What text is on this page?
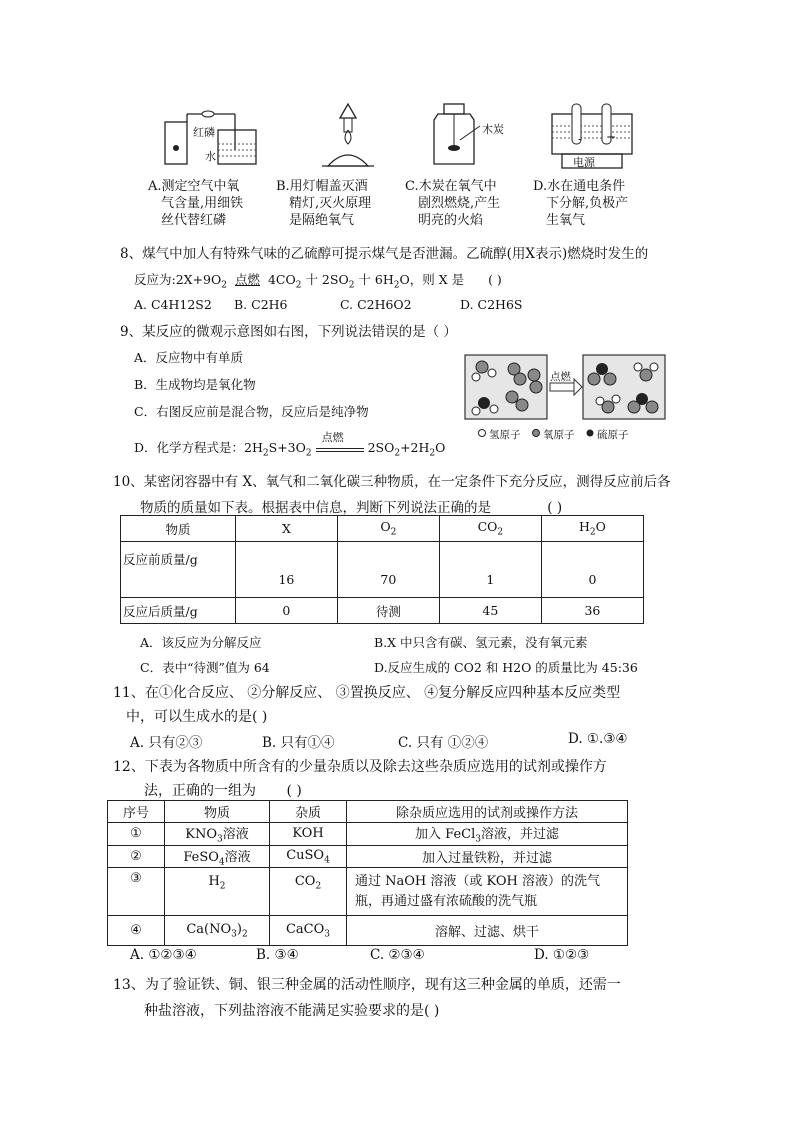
红磷
水
木炭
电源
- +
A.测定空气中氧
气含量,用细铁
丝代替红磷
B.用灯帽盖灭酒
精灯,灭火原理
是隔绝氧气
C.木炭在氧气中
剧烈燃烧,产生
明亮的火焰
D.水在通电条件
下分解,负极产
生氧气
8、煤气中加人有特殊气味的乙硫醇可提示煤气是否泄漏。乙硫醇(用X表示)燃烧时发生的
反应为$:2X+9O_2$ 点燃 $4CO_2$ 十 $2SO_2$ 十 $6H_2O$，则 X 是 ( )
A. C4H12S2 B. C2H6	C. C2H6O2	D. C2H6S
9、某反应的微观示意图如右图，下列说法错误的是（ ）
A．反应物中有单质
B．生成物均是氧化物
C．右图反应前是混合物，反应后是纯净物
D．化学方程式是：$2H_2S+3O_2$
点燃
$2SO_2+2H_2O$
点燃
氢原子 氧原子 硫原子
10、某密闭容器中有 X、氧气和二氧化碳三种物质，在一定条件下充分反应，测得反应前后各
物质的质量如下表。根据表中信息，判断下列说法正确的是	( )
物质	X	$O_2$	$CO_2$	$H_2O$
反应前质量/g	16	70	1	0
反应后质量/g	0	待测	45	36
A．该反应为分解反应	B.X 中只含有碳、氢元素，没有氧元素
C．表中“待测”值为 64	D.反应生成的 CO2 和 H2O 的质量比为 45:36
11、在①化合反应、 ②分解反应、 ③置换反应、 ④复分解反应四种基本反应类型
中，可以生成水的是( )
A. 只有②③	B. 只有①④	C. 只有 ①②④	D. ①.③④
12、下表为各物质中所含有的少量杂质以及除去这些杂质应选用的试剂或操作方
法，正确的一组为 ( )
序号	物质	杂质	除杂质应选用的试剂或操作方法
①	$KNO_3$溶液	KOH	加入 FeCl$_3$溶液，并过滤
②	FeSO$_4$溶液	CuSO$_4$	加入过量铁粉，并过滤
③	$H_2$	$CO_2$	通过 NaOH 溶液（或 KOH 溶液）的洗气
瓶，再通过盛有浓硫酸的洗气瓶

④	$Ca(NO_3)_2$	CaCO$_3$	溶解、过滤、烘干
A. ①②③④	B. ③④	C. ②③④	D. ①②③
13、为了验证铁、铜、银三种金属的活动性顺序，现有这三种金属的单质，还需一
种盐溶液，下列盐溶液不能满足实验要求的是( )
